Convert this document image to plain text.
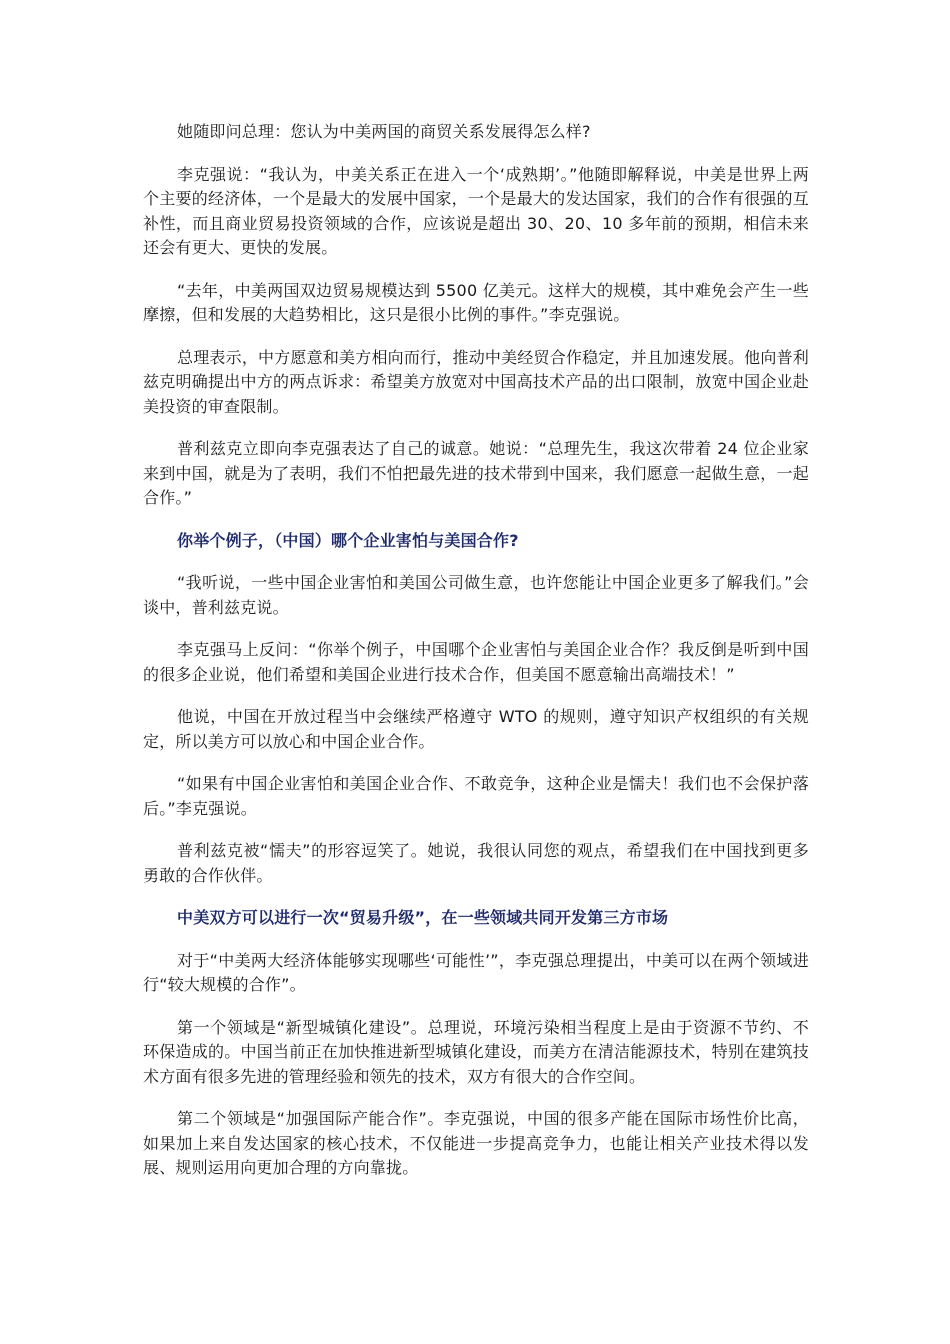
她随即问总理：您认为中美两国的商贸关系发展得怎么样?

李克强说：“我认为，中美关系正在进入一个‘成熟期’。”他随即解释说，中美是世界上两个主要的经济体，一个是最大的发展中国家，一个是最大的发达国家，我们的合作有很强的互补性，而且商业贸易投资领域的合作，应该说是超出 30、20、10 多年前的预期，相信未来还会有更大、更快的发展。

“去年，中美两国双边贸易规模达到 5500 亿美元。这样大的规模，其中难免会产生一些摩擦，但和发展的大趋势相比，这只是很小比例的事件。”李克强说。

总理表示，中方愿意和美方相向而行，推动中美经贸合作稳定，并且加速发展。他向普利兹克明确提出中方的两点诉求：希望美方放宽对中国高技术产品的出口限制，放宽中国企业赴美投资的审查限制。

普利兹克立即向李克强表达了自己的诚意。她说：“总理先生，我这次带着 24 位企业家来到中国，就是为了表明，我们不怕把最先进的技术带到中国来，我们愿意一起做生意，一起合作。”

你举个例子，（中国）哪个企业害怕与美国合作?

“我听说，一些中国企业害怕和美国公司做生意，也许您能让中国企业更多了解我们。”会谈中，普利兹克说。

李克强马上反问：“你举个例子，中国哪个企业害怕与美国企业合作？我反倒是听到中国的很多企业说，他们希望和美国企业进行技术合作，但美国不愿意输出高端技术！”

他说，中国在开放过程当中会继续严格遵守 WTO 的规则，遵守知识产权组织的有关规定，所以美方可以放心和中国企业合作。

“如果有中国企业害怕和美国企业合作、不敢竞争，这种企业是懦夫！我们也不会保护落后。”李克强说。

普利兹克被“懦夫”的形容逗笑了。她说，我很认同您的观点，希望我们在中国找到更多勇敢的合作伙伴。

中美双方可以进行一次“贸易升级”，在一些领域共同开发第三方市场

对于“中美两大经济体能够实现哪些‘可能性’”，李克强总理提出，中美可以在两个领域进行“较大规模的合作”。

第一个领域是“新型城镇化建设”。总理说，环境污染相当程度上是由于资源不节约、不环保造成的。中国当前正在加快推进新型城镇化建设，而美方在清洁能源技术，特别在建筑技术方面有很多先进的管理经验和领先的技术，双方有很大的合作空间。

第二个领域是“加强国际产能合作”。李克强说，中国的很多产能在国际市场性价比高，如果加上来自发达国家的核心技术，不仅能进一步提高竞争力，也能让相关产业技术得以发展、规则运用向更加合理的方向靠拢。
